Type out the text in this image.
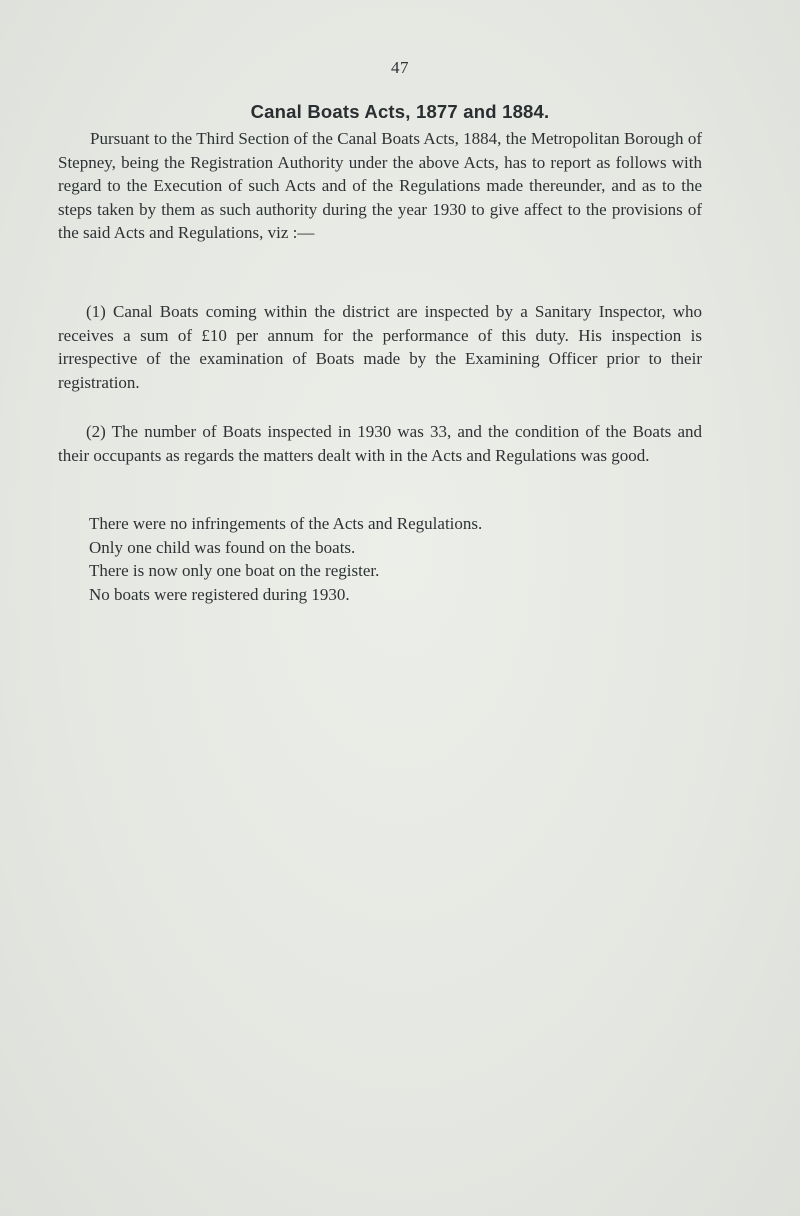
47
Canal Boats Acts, 1877 and 1884.

Pursuant to the Third Section of the Canal Boats Acts, 1884, the Metropolitan Borough of Stepney, being the Registration Authority under the above Acts, has to report as follows with regard to the Execution of such Acts and of the Regulations made thereunder, and as to the steps taken by them as such authority during the year 1930 to give affect to the provisions of the said Acts and Regulations, viz :—

(1) Canal Boats coming within the district are inspected by a Sanitary Inspector, who receives a sum of £10 per annum for the performance of this duty. His inspection is irrespective of the examination of Boats made by the Examining Officer prior to their registration.

(2) The number of Boats inspected in 1930 was 33, and the condition of the Boats and their occupants as regards the matters dealt with in the Acts and Regulations was good.

There were no infringements of the Acts and Regulations.
Only one child was found on the boats.
There is now only one boat on the register.
No boats were registered during 1930.
